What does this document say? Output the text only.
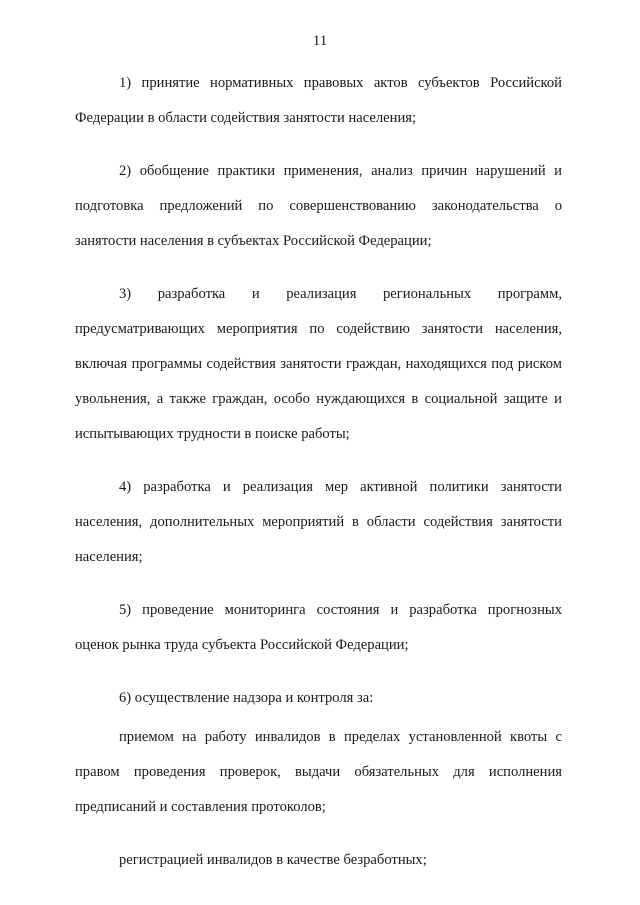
11

1) принятие нормативных правовых актов субъектов Российской Федерации в области содействия занятости населения;

2) обобщение практики применения, анализ причин нарушений и подготовка предложений по совершенствованию законодательства о занятости населения в субъектах Российской Федерации;

3) разработка и реализация региональных программ, предусматривающих мероприятия по содействию занятости населения, включая программы содействия занятости граждан, находящихся под риском увольнения, а также граждан, особо нуждающихся в социальной защите и испытывающих трудности в поиске работы;

4) разработка и реализация мер активной политики занятости населения, дополнительных мероприятий в области содействия занятости населения;

5) проведение мониторинга состояния и разработка прогнозных оценок рынка труда субъекта Российской Федерации;

6) осуществление надзора и контроля за:

приемом на работу инвалидов в пределах установленной квоты с правом проведения проверок, выдачи обязательных для исполнения предписаний и составления протоколов;

регистрацией инвалидов в качестве безработных;
